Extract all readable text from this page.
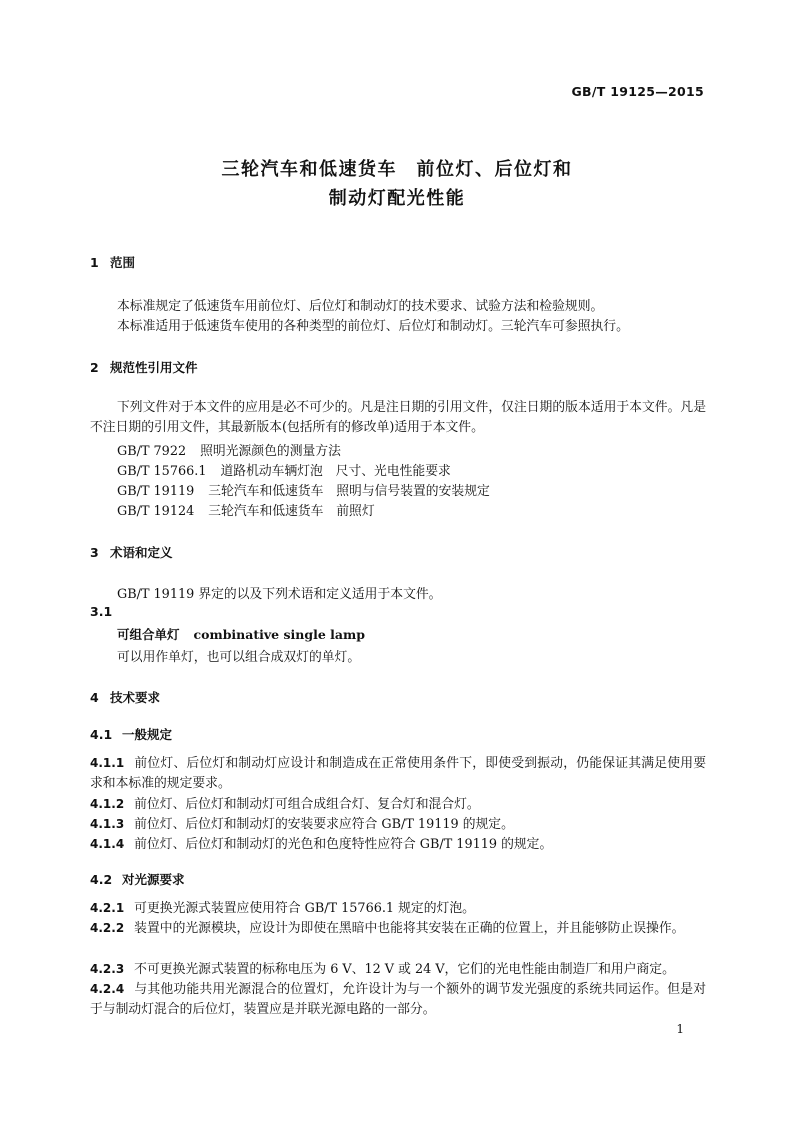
GB/T 19125—2015
三轮汽车和低速货车　前位灯、后位灯和
制动灯配光性能
1 范围
本标准规定了低速货车用前位灯、后位灯和制动灯的技术要求、试验方法和检验规则。
本标准适用于低速货车使用的各种类型的前位灯、后位灯和制动灯。三轮汽车可参照执行。
2 规范性引用文件
下列文件对于本文件的应用是必不可少的。凡是注日期的引用文件，仅注日期的版本适用于本文件。凡是不注日期的引用文件，其最新版本(包括所有的修改单)适用于本文件。
GB/T 7922 照明光源颜色的测量方法
GB/T 15766.1 道路机动车辆灯泡　尺寸、光电性能要求
GB/T 19119 三轮汽车和低速货车　照明与信号装置的安装规定
GB/T 19124 三轮汽车和低速货车　前照灯
3 术语和定义
GB/T 19119 界定的以及下列术语和定义适用于本文件。
3.1
可组合单灯 combinative single lamp
可以用作单灯，也可以组合成双灯的单灯。
4 技术要求
4.1 一般规定
4.1.1 前位灯、后位灯和制动灯应设计和制造成在正常使用条件下，即使受到振动，仍能保证其满足使用要求和本标准的规定要求。
4.1.2 前位灯、后位灯和制动灯可组合成组合灯、复合灯和混合灯。
4.1.3 前位灯、后位灯和制动灯的安装要求应符合 GB/T 19119 的规定。
4.1.4 前位灯、后位灯和制动灯的光色和色度特性应符合 GB/T 19119 的规定。
4.2 对光源要求
4.2.1 可更换光源式装置应使用符合 GB/T 15766.1 规定的灯泡。
4.2.2 装置中的光源模块，应设计为即使在黑暗中也能将其安装在正确的位置上，并且能够防止误操作。
4.2.3 不可更换光源式装置的标称电压为 6 V、12 V 或 24 V，它们的光电性能由制造厂和用户商定。
4.2.4 与其他功能共用光源混合的位置灯，允许设计为与一个额外的调节发光强度的系统共同运作。但是对于与制动灯混合的后位灯，装置应是并联光源电路的一部分。
1
